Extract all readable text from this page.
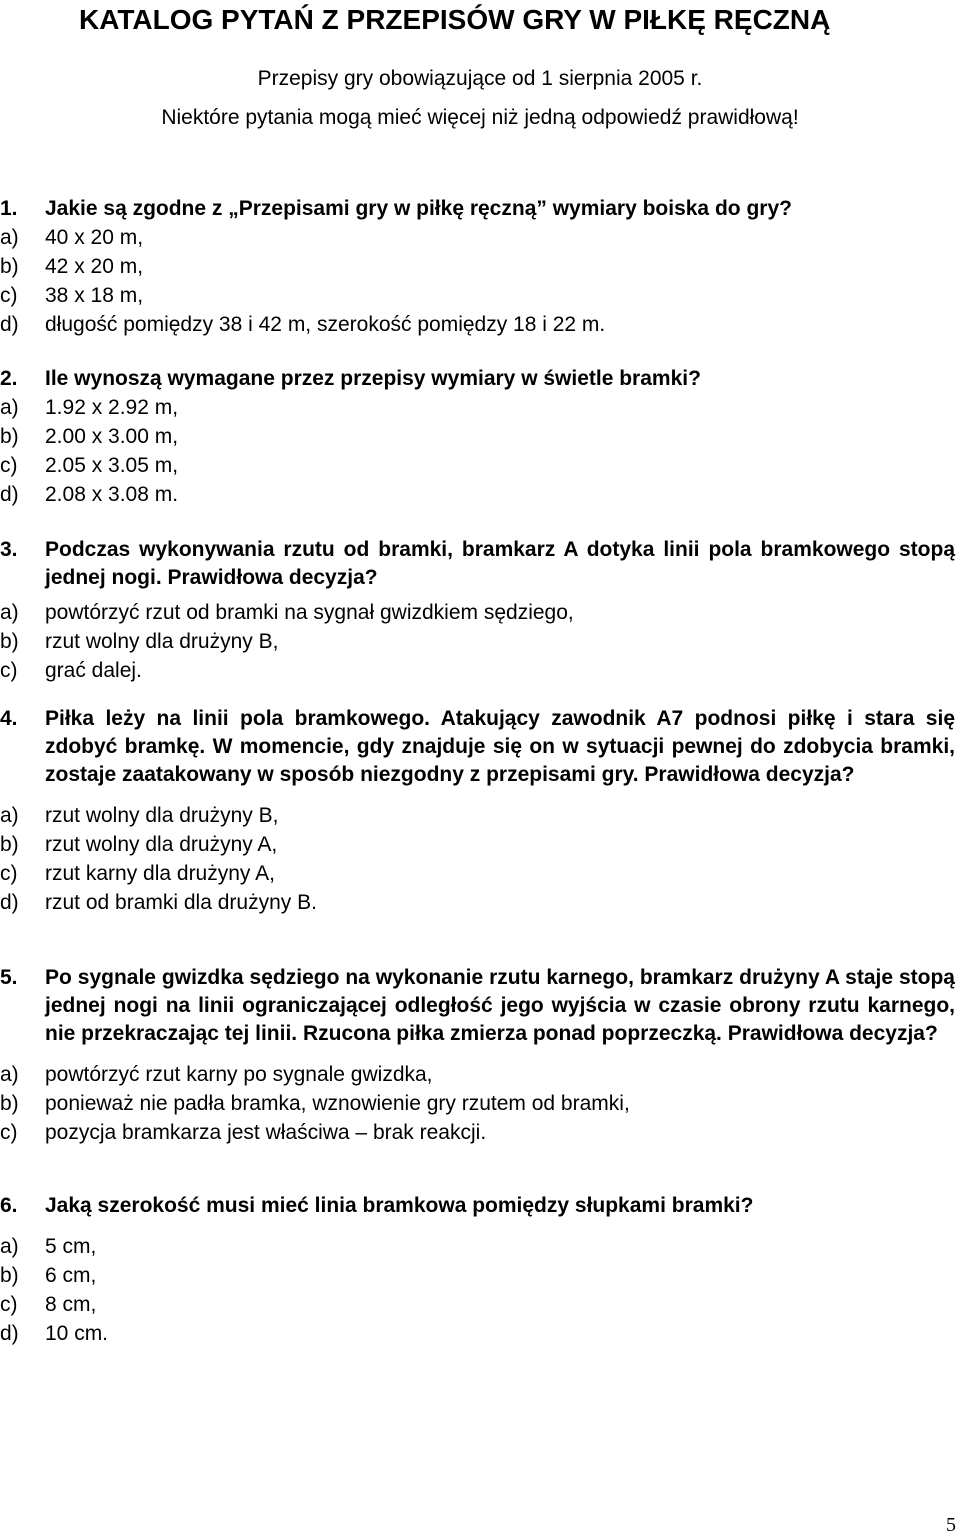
KATALOG PYTAŃ Z PRZEPISÓW GRY W PIŁKĘ RĘCZNĄ
Przepisy gry obowiązujące od 1 sierpnia 2005 r.
Niektóre pytania mogą mieć więcej niż jedną odpowiedź prawidłową!
1.	Jakie są zgodne z „Przepisami gry w piłkę ręczną” wymiary boiska do gry?
a) 40 x 20 m,
b) 42 x 20 m,
c) 38 x 18 m,
d) długość pomiędzy 38 i 42 m, szerokość pomiędzy 18 i 22 m.
2.	Ile wynoszą wymagane przez przepisy wymiary w świetle bramki?
a) 1.92 x 2.92 m,
b) 2.00 x 3.00 m,
c) 2.05 x 3.05 m,
d) 2.08 x 3.08 m.
3.	Podczas wykonywania rzutu od bramki, bramkarz A dotyka linii pola bramkowego stopą jednej nogi. Prawidłowa decyzja?
a) powtórzyć rzut od bramki na sygnał gwizdkiem sędziego,
b) rzut wolny dla drużyny B,
c) grać dalej.
4.	Piłka leży na linii pola bramkowego. Atakujący zawodnik A7 podnosi piłkę i stara się zdobyć bramkę. W momencie, gdy znajduje się on w sytuacji pewnej do zdobycia bramki, zostaje zaatakowany w sposób niezgodny z przepisami gry. Prawidłowa decyzja?
a) rzut wolny dla drużyny B,
b) rzut wolny dla drużyny A,
c) rzut karny dla drużyny A,
d) rzut od bramki dla drużyny B.
5.	Po sygnale gwizdka sędziego na wykonanie rzutu karnego, bramkarz drużyny A staje stopą jednej nogi na linii ograniczającej odległość jego wyjścia w czasie obrony rzutu karnego, nie przekraczając tej linii. Rzucona piłka zmierza ponad poprzeczką. Prawidłowa decyzja?
a) powtórzyć rzut karny po sygnale gwizdka,
b) ponieważ nie padła bramka, wznowienie gry rzutem od bramki,
c) pozycja bramkarza jest właściwa – brak reakcji.
6.	Jaką szerokość musi mieć linia bramkowa pomiędzy słupkami bramki?
a) 5 cm,
b) 6 cm,
c) 8 cm,
d) 10 cm.
5
